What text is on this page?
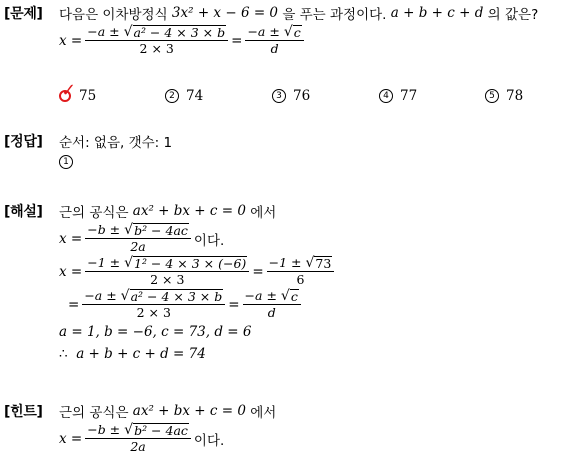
[문제] 다음은 이차방정식
3x² + x − 6 = 0
을 푸는 과정이다.
a + b + c + d
의 값은?
$x = \frac{\text{−a ± √ a² − 4 × 3 × b}}{2 \times 3} = \frac{-a \pm √ c}{d}$
✓ 75	2 74	3 76	4 77	5 78
[정답] 순서: 없음, 갯수: 1
1
[해설] 근의 공식은
ax² + bx + c = 0
에서
$x = \frac{\text{−b ± √ b² − 4ac}}{2a}$ 이다.
$x = \frac{\text{−1 ± √ 1² − 4 × 3 × (−6)}}{2 \times 3} = \frac{-1 \pm √ 73}{6}$
= $\frac{\text{−a ± √ a² − 4 × 3 × b}}{2 \times 3} = \frac{-a \pm √ c}{d}$
a = 1, b = −6, c = 73, d = 6
∴
a + b + c + d = 74
[힌트] 근의 공식은
ax² + bx + c = 0
에서
$x = \frac{\text{−b ± √ b² − 4ac}}{2a}$ 이다.
